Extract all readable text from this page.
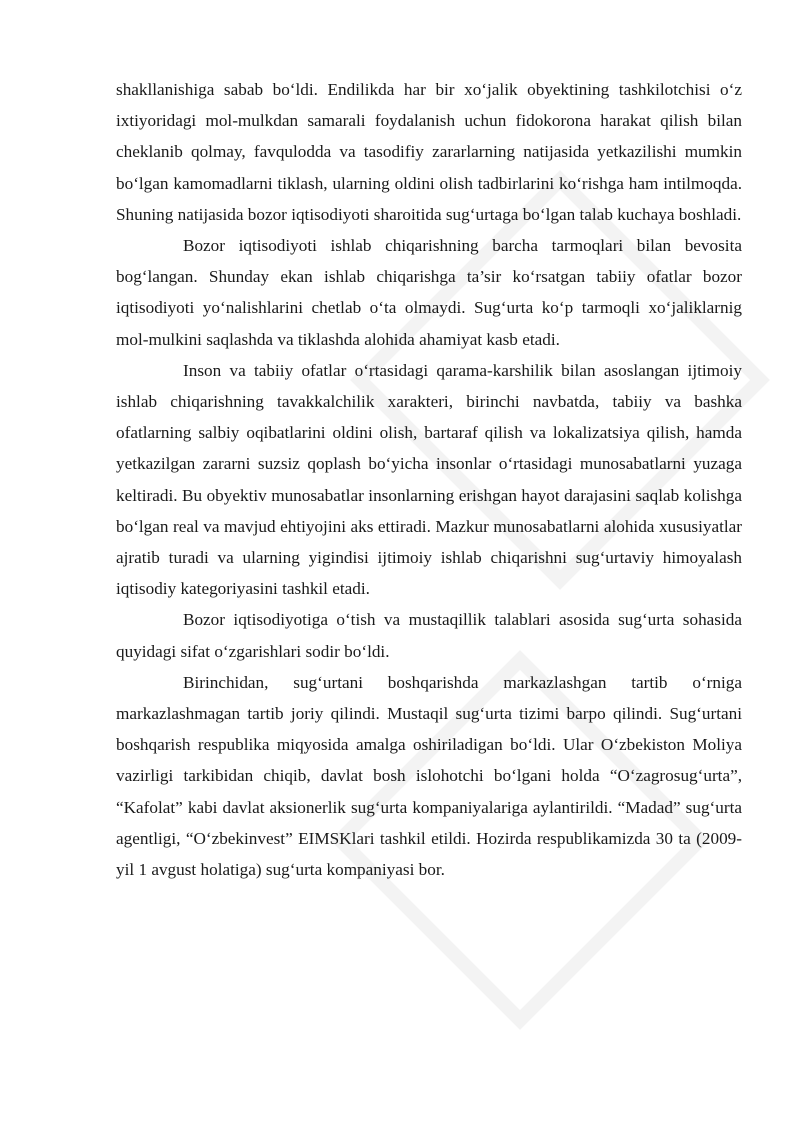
shakllanishiga sabab bo‘ldi. Endilikda har bir xo‘jalik obyektining tashkilotchisi o‘z ixtiyoridagi mol-mulkdan samarali foydalanish uchun fidokorona harakat qilish bilan cheklanib qolmay, favqulodda va tasodifiy zararlarning natijasida yetkazilishi mumkin bo‘lgan kamomadlarni tiklash, ularning oldini olish tadbirlarini ko‘rishga ham intilmoqda. Shuning natijasida bozor iqtisodiyoti sharoitida sug‘urtaga bo‘lgan talab kuchaya boshladi.

Bozor iqtisodiyoti ishlab chiqarishning barcha tarmoqlari bilan bevosita bog‘langan. Shunday ekan ishlab chiqarishga ta’sir ko‘rsatgan tabiiy ofatlar bozor iqtisodiyoti yo‘nalishlarini chetlab o‘ta olmaydi. Sug‘urta ko‘p tarmoqli xo‘jaliklarnig mol-mulkini saqlashda va tiklashda alohida ahamiyat kasb etadi.

Inson va tabiiy ofatlar o‘rtasidagi qarama-karshilik bilan asoslangan ijtimoiy ishlab chiqarishning tavakkalchilik xarakteri, birinchi navbatda, tabiiy va bashka ofatlarning salbiy oqibatlarini oldini olish, bartaraf qilish va lokalizatsiya qilish, hamda yetkazilgan zararni suzsiz qoplash bo‘yicha insonlar o‘rtasidagi munosabatlarni yuzaga keltiradi. Bu obyektiv munosabatlar insonlarning erishgan hayot darajasini saqlab kolishga bo‘lgan real va mavjud ehtiyojini aks ettiradi. Mazkur munosabatlarni alohida xususiyatlar ajratib turadi va ularning yigindisi ijtimoiy ishlab chiqarishni sug‘urtaviy himoyalash iqtisodiy kategoriyasini tashkil etadi.

Bozor iqtisodiyotiga o‘tish va mustaqillik talablari asosida sug‘urta sohasida quyidagi sifat o‘zgarishlari sodir bo‘ldi.

Birinchidan, sug‘urtani boshqarishda markazlashgan tartib o‘rniga markazlashmagan tartib joriy qilindi. Mustaqil sug‘urta tizimi barpo qilindi. Sug‘urtani boshqarish respublika miqyosida amalga oshiriladigan bo‘ldi. Ular O‘zbekiston Moliya vazirligi tarkibidan chiqib, davlat bosh islohotchi bo‘lgani holda “O‘zagrosug‘urta”, “Kafolat” kabi davlat aksionerlik sug‘urta kompaniyalariga aylantirildi. “Madad” sug‘urta agentligi, “O‘zbekinvest” EIMSKlari tashkil etildi. Hozirda respublikamizda 30 ta (2009-yil 1 avgust holatiga) sug‘urta kompaniyasi bor.
